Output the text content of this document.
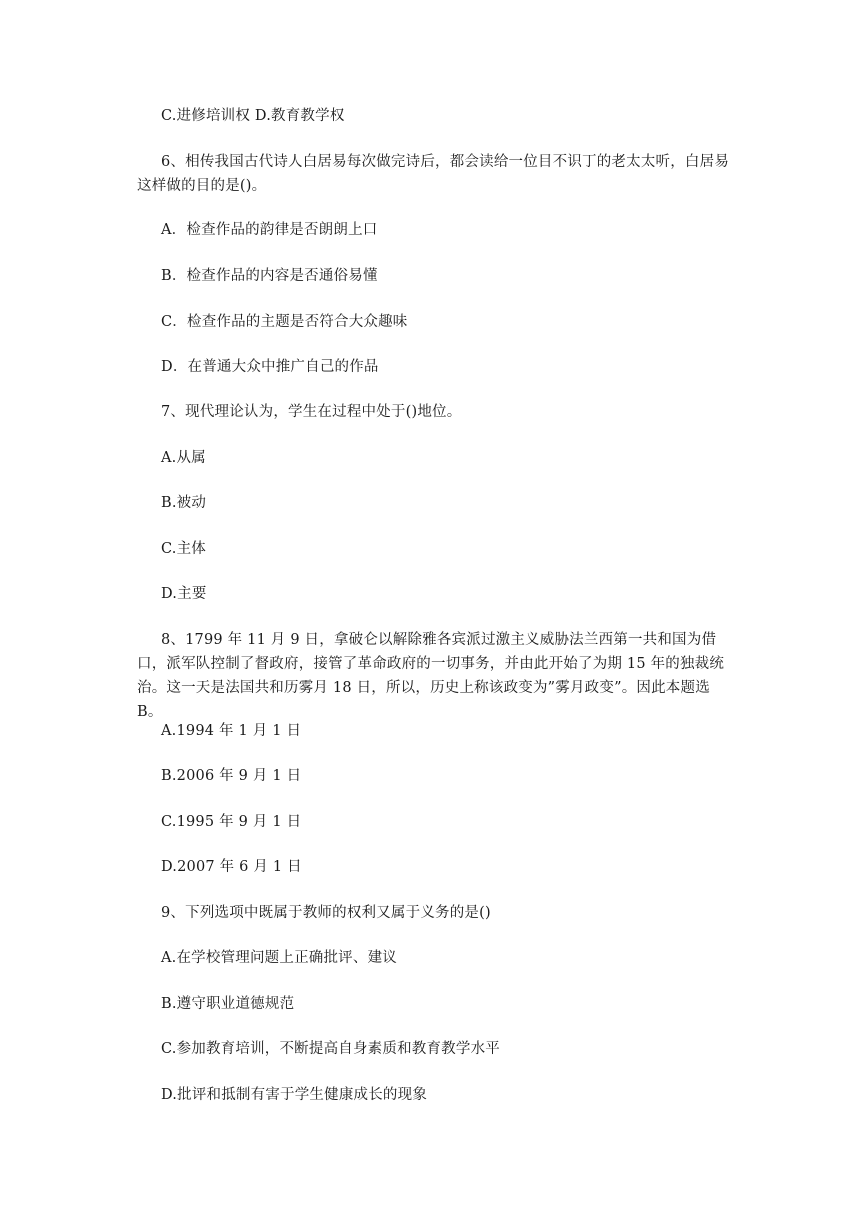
C.进修培训权 D.教育教学权
6、相传我国古代诗人白居易每次做完诗后，都会读给一位目不识丁的老太太听，白居易这样做的目的是()。
A．检查作品的韵律是否朗朗上口
B．检查作品的内容是否通俗易懂
C．检查作品的主题是否符合大众趣味
D．在普通大众中推广自己的作品
7、现代理论认为，学生在过程中处于()地位。
A.从属
B.被动
C.主体
D.主要
8、1799 年 11 月 9 日，拿破仑以解除雅各宾派过激主义威胁法兰西第一共和国为借口，派军队控制了督政府，接管了革命政府的一切事务，并由此开始了为期 15 年的独裁统治。这一天是法国共和历雾月 18 日，所以，历史上称该政变为”雾月政变”。因此本题选 B。
A.1994 年 1 月 1 日
B.2006 年 9 月 1 日
C.1995 年 9 月 1 日
D.2007 年 6 月 1 日
9、下列选项中既属于教师的权利又属于义务的是()
A.在学校管理问题上正确批评、建议
B.遵守职业道德规范
C.参加教育培训，不断提高自身素质和教育教学水平
D.批评和抵制有害于学生健康成长的现象
